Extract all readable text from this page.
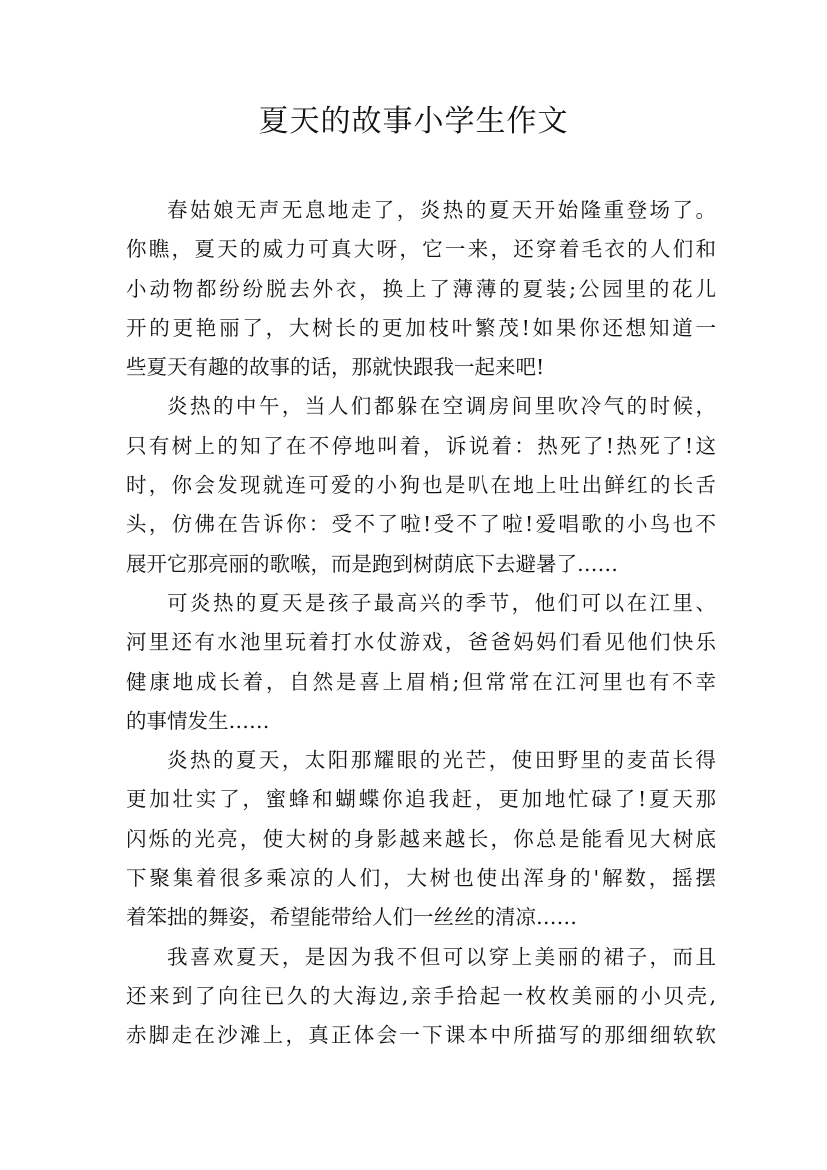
夏天的故事小学生作文
春姑娘无声无息地走了，炎热的夏天开始隆重登场了。
你瞧，夏天的威力可真大呀，它一来，还穿着毛衣的人们和
小动物都纷纷脱去外衣，换上了薄薄的夏装;公园里的花儿
开的更艳丽了，大树长的更加枝叶繁茂!如果你还想知道一
些夏天有趣的故事的话，那就快跟我一起来吧!
炎热的中午，当人们都躲在空调房间里吹冷气的时候，
只有树上的知了在不停地叫着，诉说着：热死了!热死了!这
时，你会发现就连可爱的小狗也是叭在地上吐出鲜红的长舌
头，仿佛在告诉你：受不了啦!受不了啦!爱唱歌的小鸟也不
展开它那亮丽的歌喉，而是跑到树荫底下去避暑了……
可炎热的夏天是孩子最高兴的季节，他们可以在江里、
河里还有水池里玩着打水仗游戏，爸爸妈妈们看见他们快乐
健康地成长着，自然是喜上眉梢;但常常在江河里也有不幸
的事情发生……
炎热的夏天，太阳那耀眼的光芒，使田野里的麦苗长得
更加壮实了，蜜蜂和蝴蝶你追我赶，更加地忙碌了!夏天那
闪烁的光亮，使大树的身影越来越长，你总是能看见大树底
下聚集着很多乘凉的人们，大树也使出浑身的'解数，摇摆
着笨拙的舞姿，希望能带给人们一丝丝的清凉……
我喜欢夏天，是因为我不但可以穿上美丽的裙子，而且
还来到了向往已久的大海边,亲手拾起一枚枚美丽的小贝壳,
赤脚走在沙滩上，真正体会一下课本中所描写的那细细软软
